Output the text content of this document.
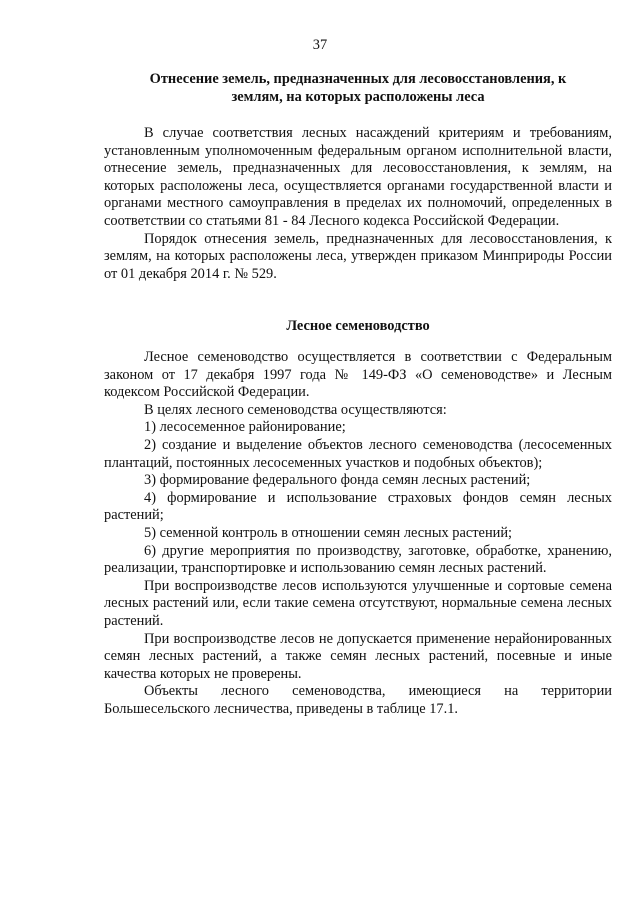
37
Отнесение земель, предназначенных для лесовосстановления, к
землям, на которых расположены леса

В случае соответствия лесных насаждений критериям и требованиям, установленным уполномоченным федеральным органом исполнительной власти, отнесение земель, предназначенных для лесовосстановления, к землям, на которых расположены леса, осуществляется органами государственной власти и органами местного самоуправления в пределах их полномочий, определенных в соответствии со статьями 81 - 84 Лесного кодекса Российской Федерации.

Порядок отнесения земель, предназначенных для лесовосстановления, к землям, на которых расположены леса, утвержден приказом Минприроды России от 01 декабря 2014 г. № 529.

Лесное семеноводство

Лесное семеноводство осуществляется в соответствии с Федеральным законом от 17 декабря 1997 года № 149-ФЗ «О семеноводстве» и Лесным кодексом Российской Федерации.

В целях лесного семеноводства осуществляются:

1) лесосеменное районирование;

2) создание и выделение объектов лесного семеноводства (лесосеменных плантаций, постоянных лесосеменных участков и подобных объектов);

3) формирование федерального фонда семян лесных растений;

4) формирование и использование страховых фондов семян лесных растений;

5) семенной контроль в отношении семян лесных растений;

6) другие мероприятия по производству, заготовке, обработке, хранению, реализации, транспортировке и использованию семян лесных растений.

При воспроизводстве лесов используются улучшенные и сортовые семена лесных растений или, если такие семена отсутствуют, нормальные семена лесных растений.

При воспроизводстве лесов не допускается применение нерайонированных семян лесных растений, а также семян лесных растений, посевные и иные качества которых не проверены.

Объекты лесного семеноводства, имеющиеся на территории Большесельского лесничества, приведены в таблице 17.1.
